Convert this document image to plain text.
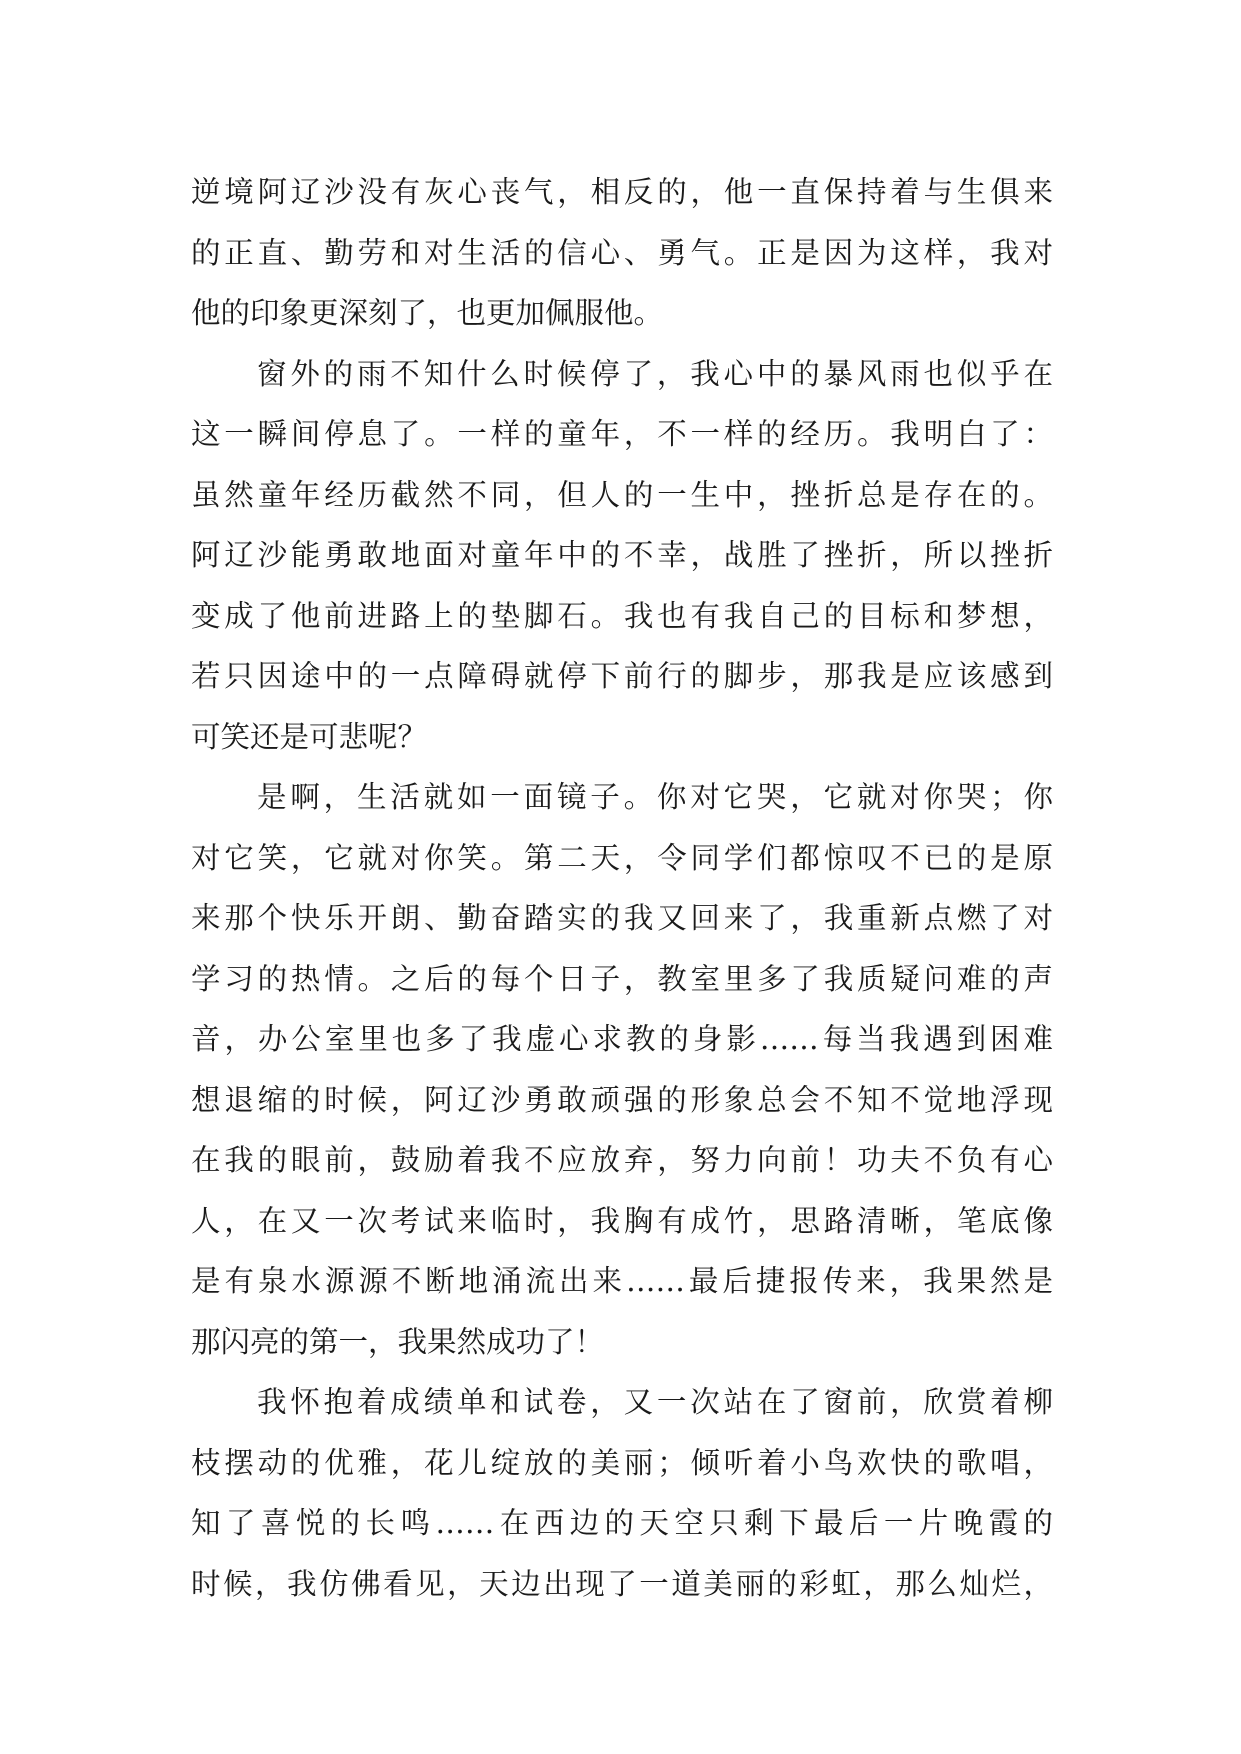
逆境阿辽沙没有灰心丧气，相反的，他一直保持着与生俱来
的正直、勤劳和对生活的信心、勇气。正是因为这样，我对
他的印象更深刻了，也更加佩服他。
窗外的雨不知什么时候停了，我心中的暴风雨也似乎在
这一瞬间停息了。一样的童年，不一样的经历。我明白了：
虽然童年经历截然不同，但人的一生中，挫折总是存在的。
阿辽沙能勇敢地面对童年中的不幸，战胜了挫折，所以挫折
变成了他前进路上的垫脚石。我也有我自己的目标和梦想，
若只因途中的一点障碍就停下前行的脚步，那我是应该感到
可笑还是可悲呢？
是啊，生活就如一面镜子。你对它哭，它就对你哭；你
对它笑，它就对你笑。第二天，令同学们都惊叹不已的是原
来那个快乐开朗、勤奋踏实的我又回来了，我重新点燃了对
学习的热情。之后的每个日子，教室里多了我质疑问难的声
音，办公室里也多了我虚心求教的身影……每当我遇到困难
想退缩的时候，阿辽沙勇敢顽强的形象总会不知不觉地浮现
在我的眼前，鼓励着我不应放弃，努力向前！功夫不负有心
人，在又一次考试来临时，我胸有成竹，思路清晰，笔底像
是有泉水源源不断地涌流出来……最后捷报传来，我果然是
那闪亮的第一，我果然成功了！
我怀抱着成绩单和试卷，又一次站在了窗前，欣赏着柳
枝摆动的优雅，花儿绽放的美丽；倾听着小鸟欢快的歌唱，
知了喜悦的长鸣……在西边的天空只剩下最后一片晚霞的
时候，我仿佛看见，天边出现了一道美丽的彩虹，那么灿烂，
